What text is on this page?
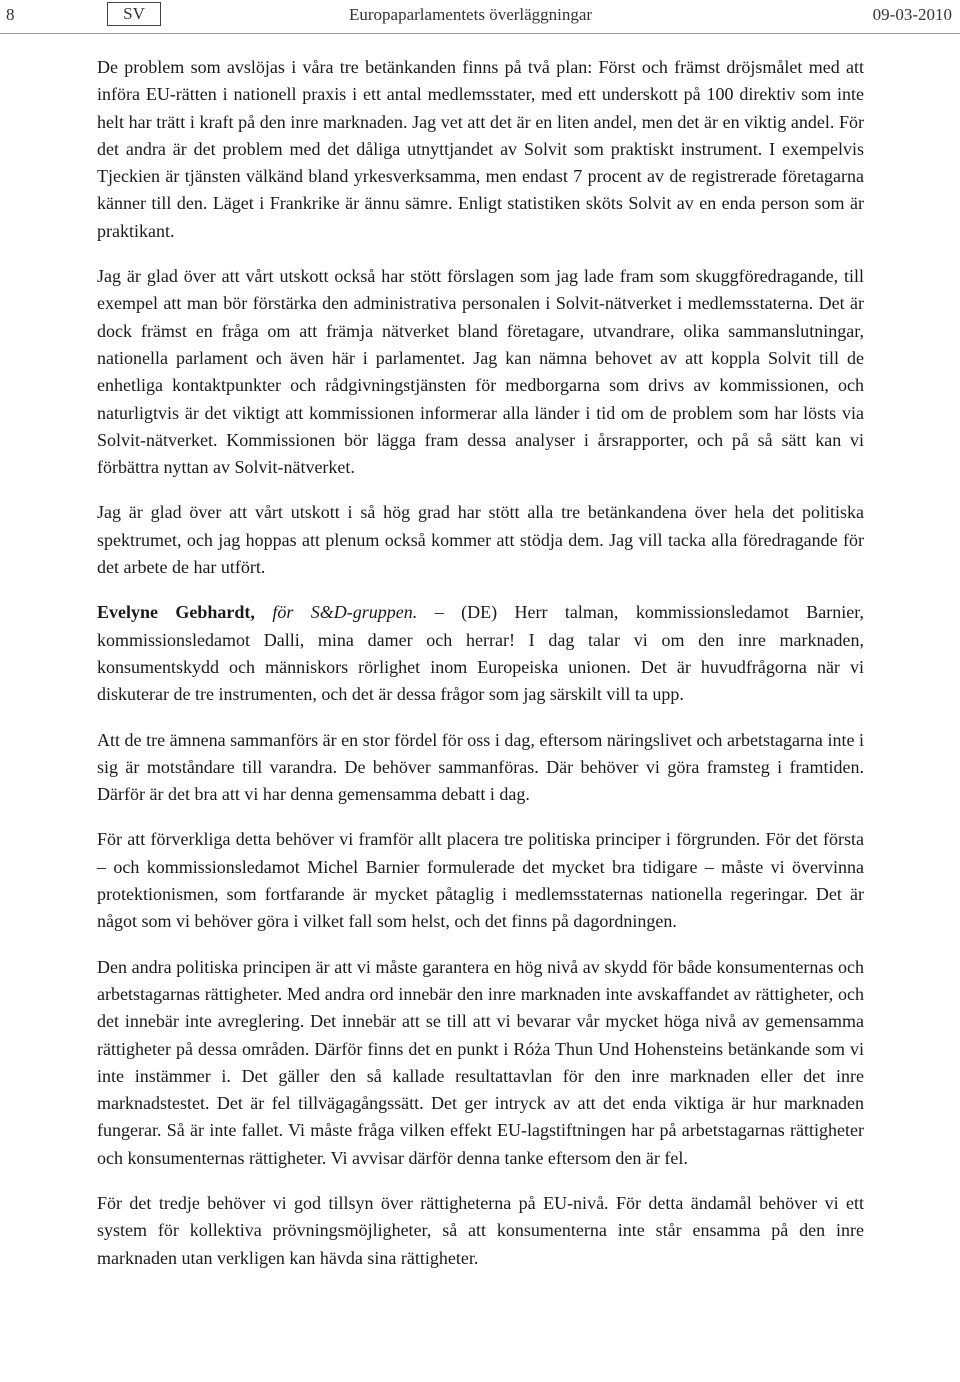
8	SV	Europaparlamentets överläggningar	09-03-2010

De problem som avslöjas i våra tre betänkanden finns på två plan: Först och främst dröjsmålet med att införa EU-rätten i nationell praxis i ett antal medlemsstater, med ett underskott på 100 direktiv som inte helt har trätt i kraft på den inre marknaden. Jag vet att det är en liten andel, men det är en viktig andel. För det andra är det problem med det dåliga utnyttjandet av Solvit som praktiskt instrument. I exempelvis Tjeckien är tjänsten välkänd bland yrkesverksamma, men endast 7 procent av de registrerade företagarna känner till den. Läget i Frankrike är ännu sämre. Enligt statistiken sköts Solvit av en enda person som är praktikant.

Jag är glad över att vårt utskott också har stött förslagen som jag lade fram som skuggföredragande, till exempel att man bör förstärka den administrativa personalen i Solvit-nätverket i medlemsstaterna. Det är dock främst en fråga om att främja nätverket bland företagare, utvandrare, olika sammanslutningar, nationella parlament och även här i parlamentet. Jag kan nämna behovet av att koppla Solvit till de enhetliga kontaktpunkter och rådgivningstjänsten för medborgarna som drivs av kommissionen, och naturligtvis är det viktigt att kommissionen informerar alla länder i tid om de problem som har lösts via Solvit-nätverket. Kommissionen bör lägga fram dessa analyser i årsrapporter, och på så sätt kan vi förbättra nyttan av Solvit-nätverket.

Jag är glad över att vårt utskott i så hög grad har stött alla tre betänkandena över hela det politiska spektrumet, och jag hoppas att plenum också kommer att stödja dem. Jag vill tacka alla föredragande för det arbete de har utfört.

Evelyne Gebhardt, för S&D-gruppen. – (DE) Herr talman, kommissionsledamot Barnier, kommissionsledamot Dalli, mina damer och herrar! I dag talar vi om den inre marknaden, konsumentskydd och människors rörlighet inom Europeiska unionen. Det är huvudfrågorna när vi diskuterar de tre instrumenten, och det är dessa frågor som jag särskilt vill ta upp.

Att de tre ämnena sammanförs är en stor fördel för oss i dag, eftersom näringslivet och arbetstagarna inte i sig är motståndare till varandra. De behöver sammanföras. Där behöver vi göra framsteg i framtiden. Därför är det bra att vi har denna gemensamma debatt i dag.

För att förverkliga detta behöver vi framför allt placera tre politiska principer i förgrunden. För det första – och kommissionsledamot Michel Barnier formulerade det mycket bra tidigare – måste vi övervinna protektionismen, som fortfarande är mycket påtaglig i medlemsstaternas nationella regeringar. Det är något som vi behöver göra i vilket fall som helst, och det finns på dagordningen.

Den andra politiska principen är att vi måste garantera en hög nivå av skydd för både konsumenternas och arbetstagarnas rättigheter. Med andra ord innebär den inre marknaden inte avskaffandet av rättigheter, och det innebär inte avreglering. Det innebär att se till att vi bevarar vår mycket höga nivå av gemensamma rättigheter på dessa områden. Därför finns det en punkt i Róża Thun Und Hohensteins betänkande som vi inte instämmer i. Det gäller den så kallade resultattavlan för den inre marknaden eller det inre marknadstestet. Det är fel tillvägagångssätt. Det ger intryck av att det enda viktiga är hur marknaden fungerar. Så är inte fallet. Vi måste fråga vilken effekt EU-lagstiftningen har på arbetstagarnas rättigheter och konsumenternas rättigheter. Vi avvisar därför denna tanke eftersom den är fel.

För det tredje behöver vi god tillsyn över rättigheterna på EU-nivå. För detta ändamål behöver vi ett system för kollektiva prövningsmöjligheter, så att konsumenterna inte står ensamma på den inre marknaden utan verkligen kan hävda sina rättigheter.
